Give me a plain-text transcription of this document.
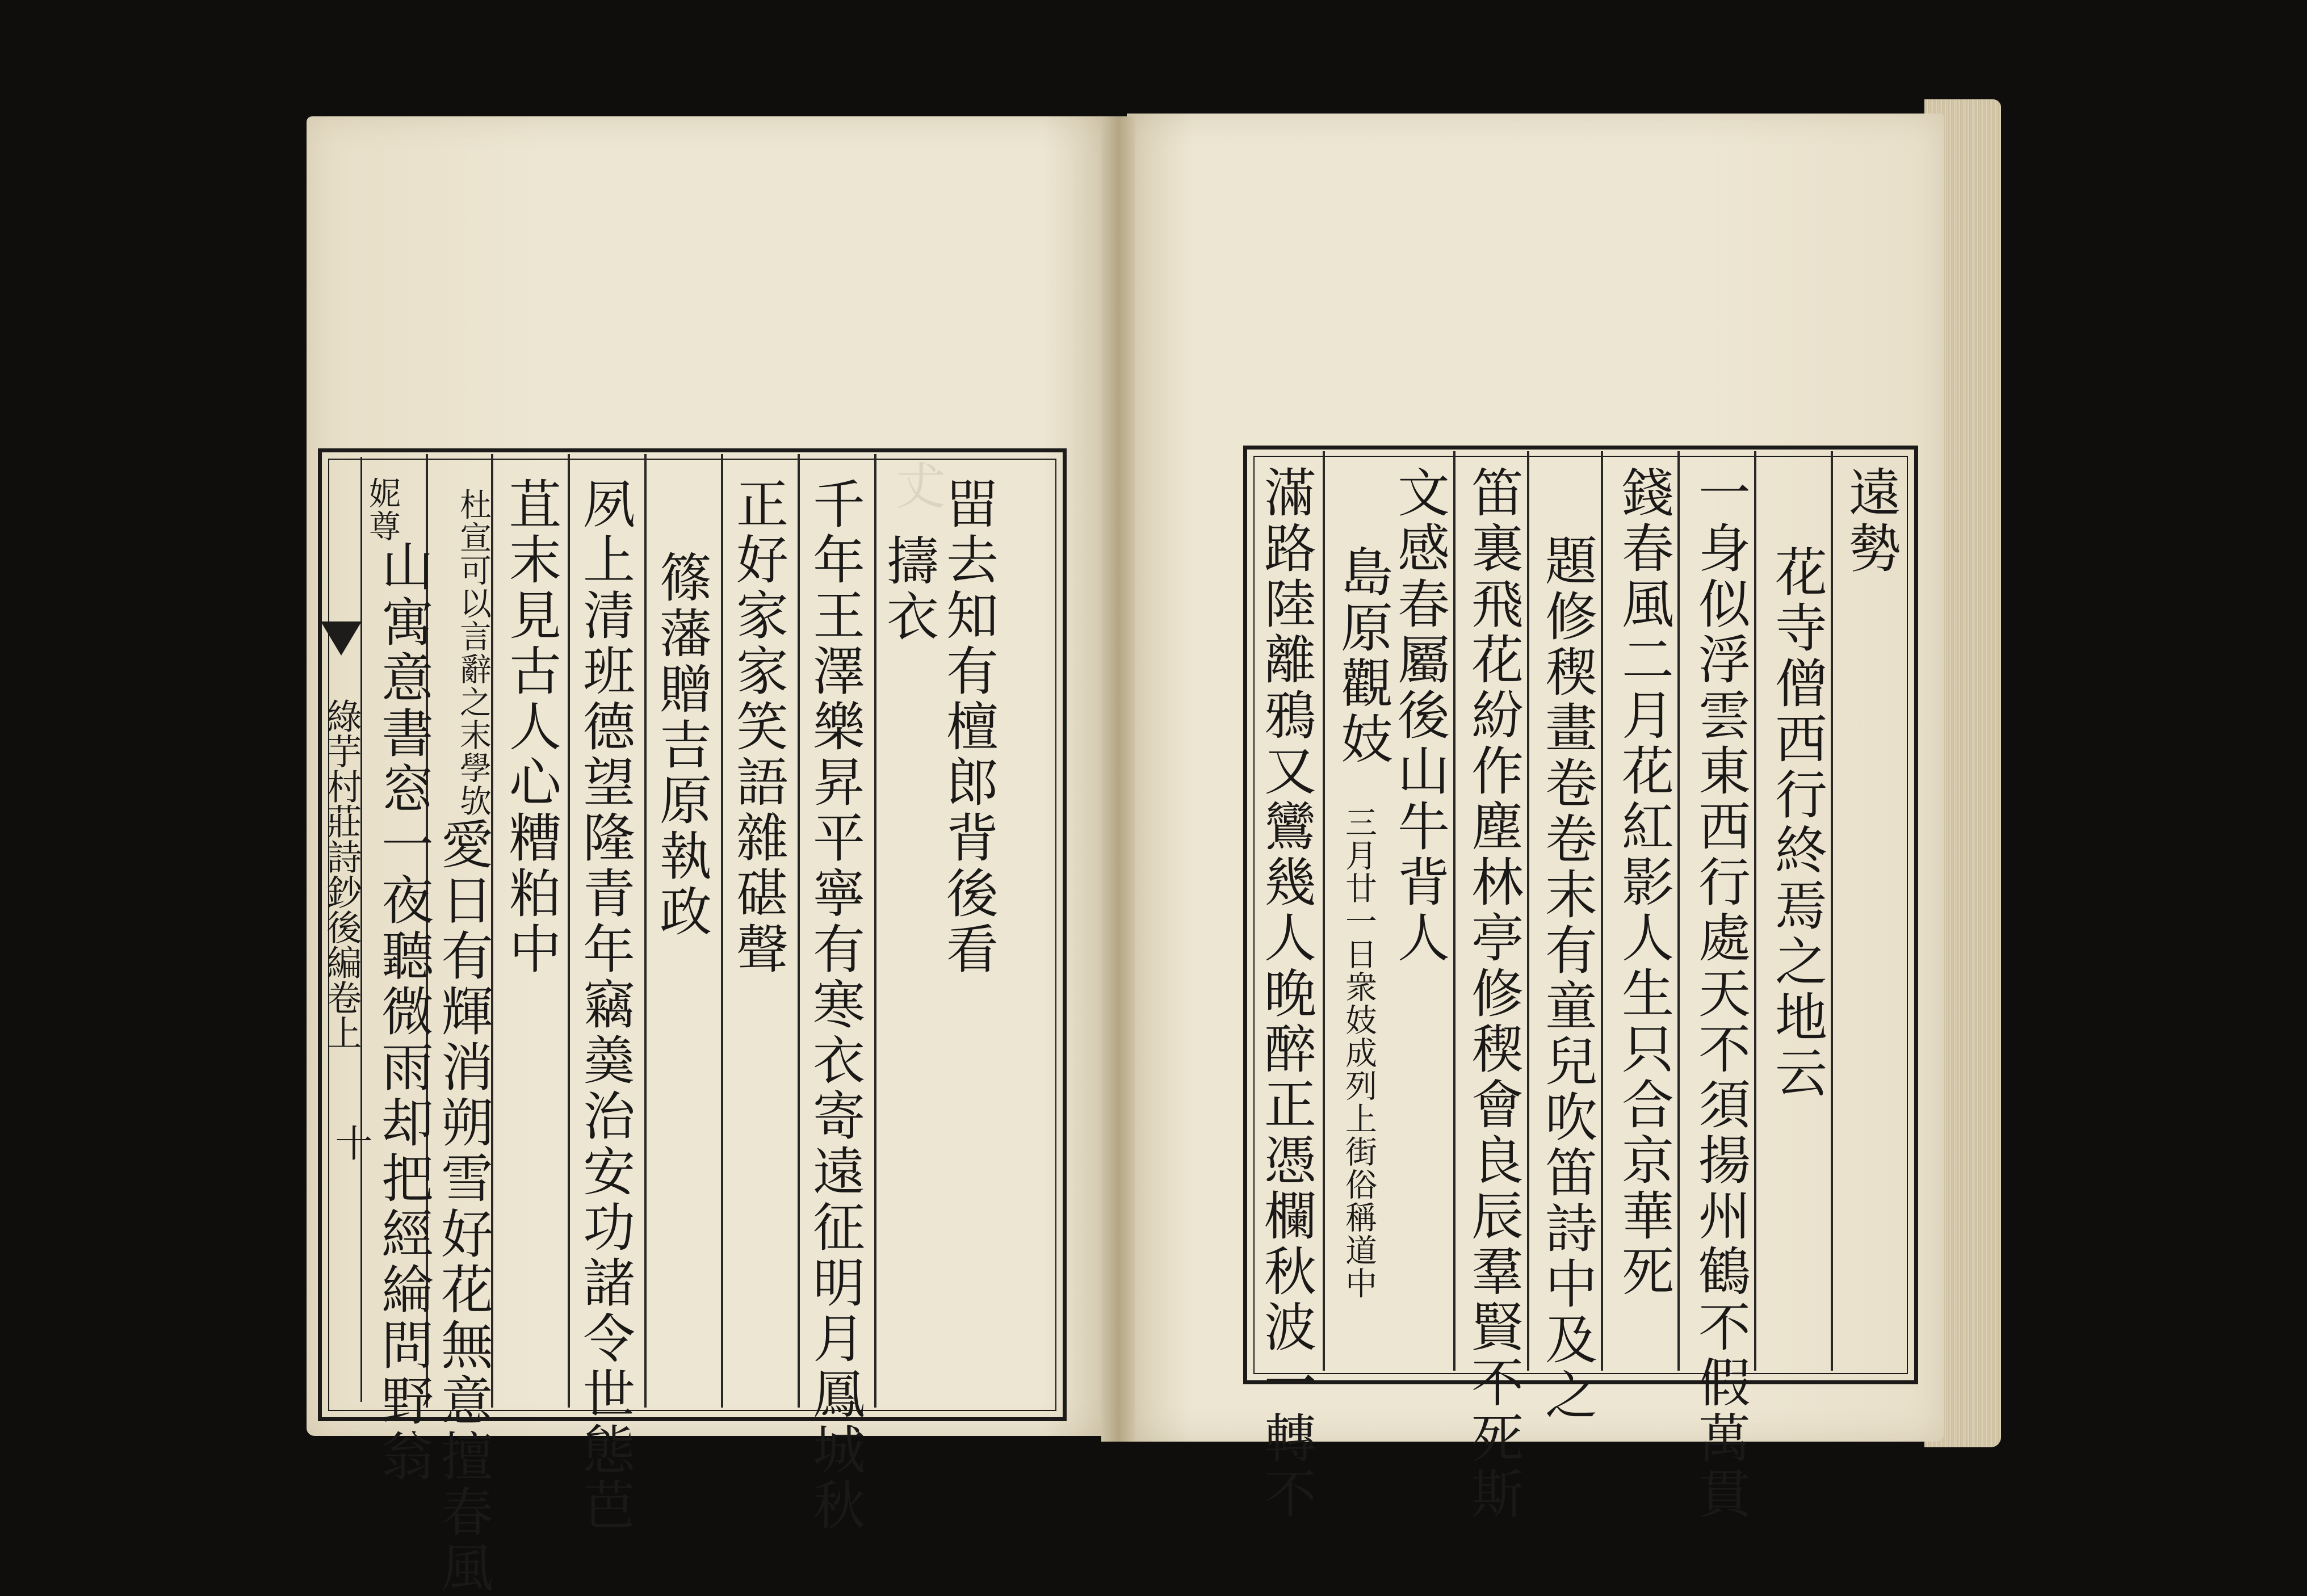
𠀋
綠芋村莊詩鈔後編卷上
十
㽞去知有檀郎背後看
擣衣
千年王澤樂昇平寧有寒衣寄遠征明月鳳城秋
正好家家笑語雜碪聲
篠藩贈吉原執政
夙上清班德望隆青年竊羮治安功諸令世態芭
苴末見古人心糟粕中
杜宣可以言辭之末學欤
愛日有輝消朔雪好花無意擅春風
山寓意書窓一夜聽微雨却把經綸問野翁
妮尊	遠勢
花寺僧西行終焉之地云
一身似浮雲東西行處天不須揚州鶴不假萬貫
錢春風二月花紅影人生只合京華死
題修稧畫卷卷末有童兒吹笛詩中及之
笛裏飛花紛作塵林亭修稧會良辰羣賢不死斯
文感春屬後山牛背人
島原觀妓
三月廿一日衆妓成列上街俗稱道中
滿路陸離鴉又鸞幾人晚醉正憑欄秋波一轉不
